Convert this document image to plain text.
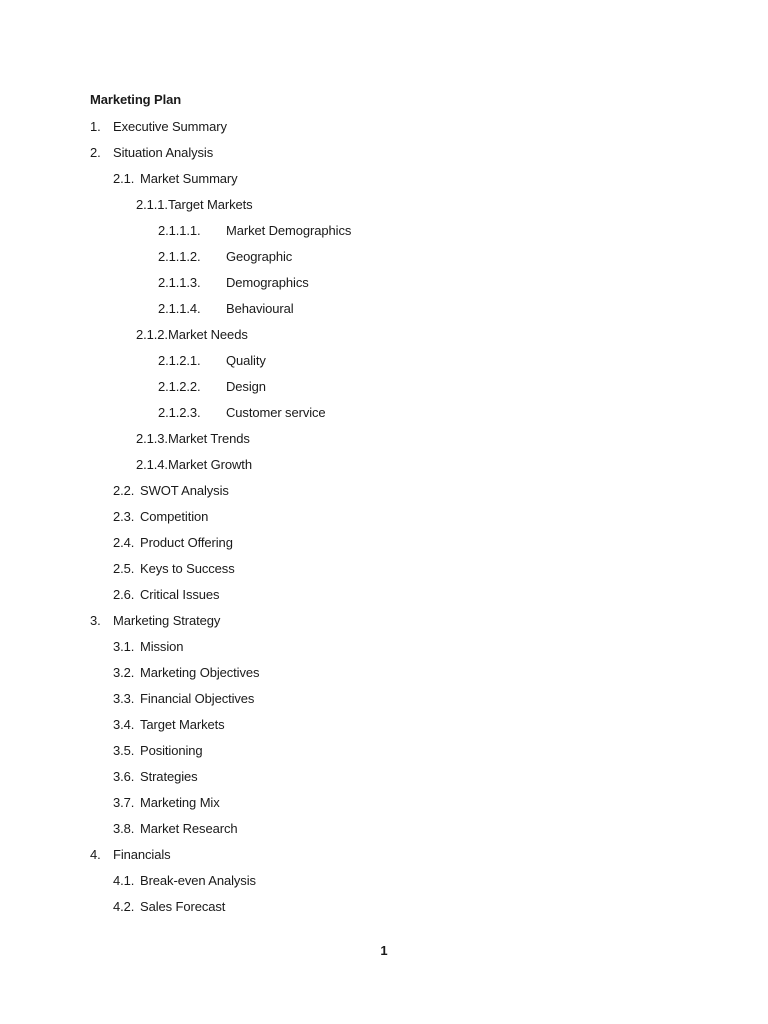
Marketing Plan
1. Executive Summary
2. Situation Analysis
2.1. Market Summary
2.1.1. Target Markets
2.1.1.1. Market Demographics
2.1.1.2. Geographic
2.1.1.3. Demographics
2.1.1.4. Behavioural
2.1.2. Market Needs
2.1.2.1. Quality
2.1.2.2. Design
2.1.2.3. Customer service
2.1.3. Market Trends
2.1.4. Market Growth
2.2. SWOT Analysis
2.3. Competition
2.4. Product Offering
2.5. Keys to Success
2.6. Critical Issues
3. Marketing Strategy
3.1. Mission
3.2. Marketing Objectives
3.3. Financial Objectives
3.4. Target Markets
3.5. Positioning
3.6. Strategies
3.7. Marketing Mix
3.8. Market Research
4. Financials
4.1. Break-even Analysis
4.2. Sales Forecast
1
